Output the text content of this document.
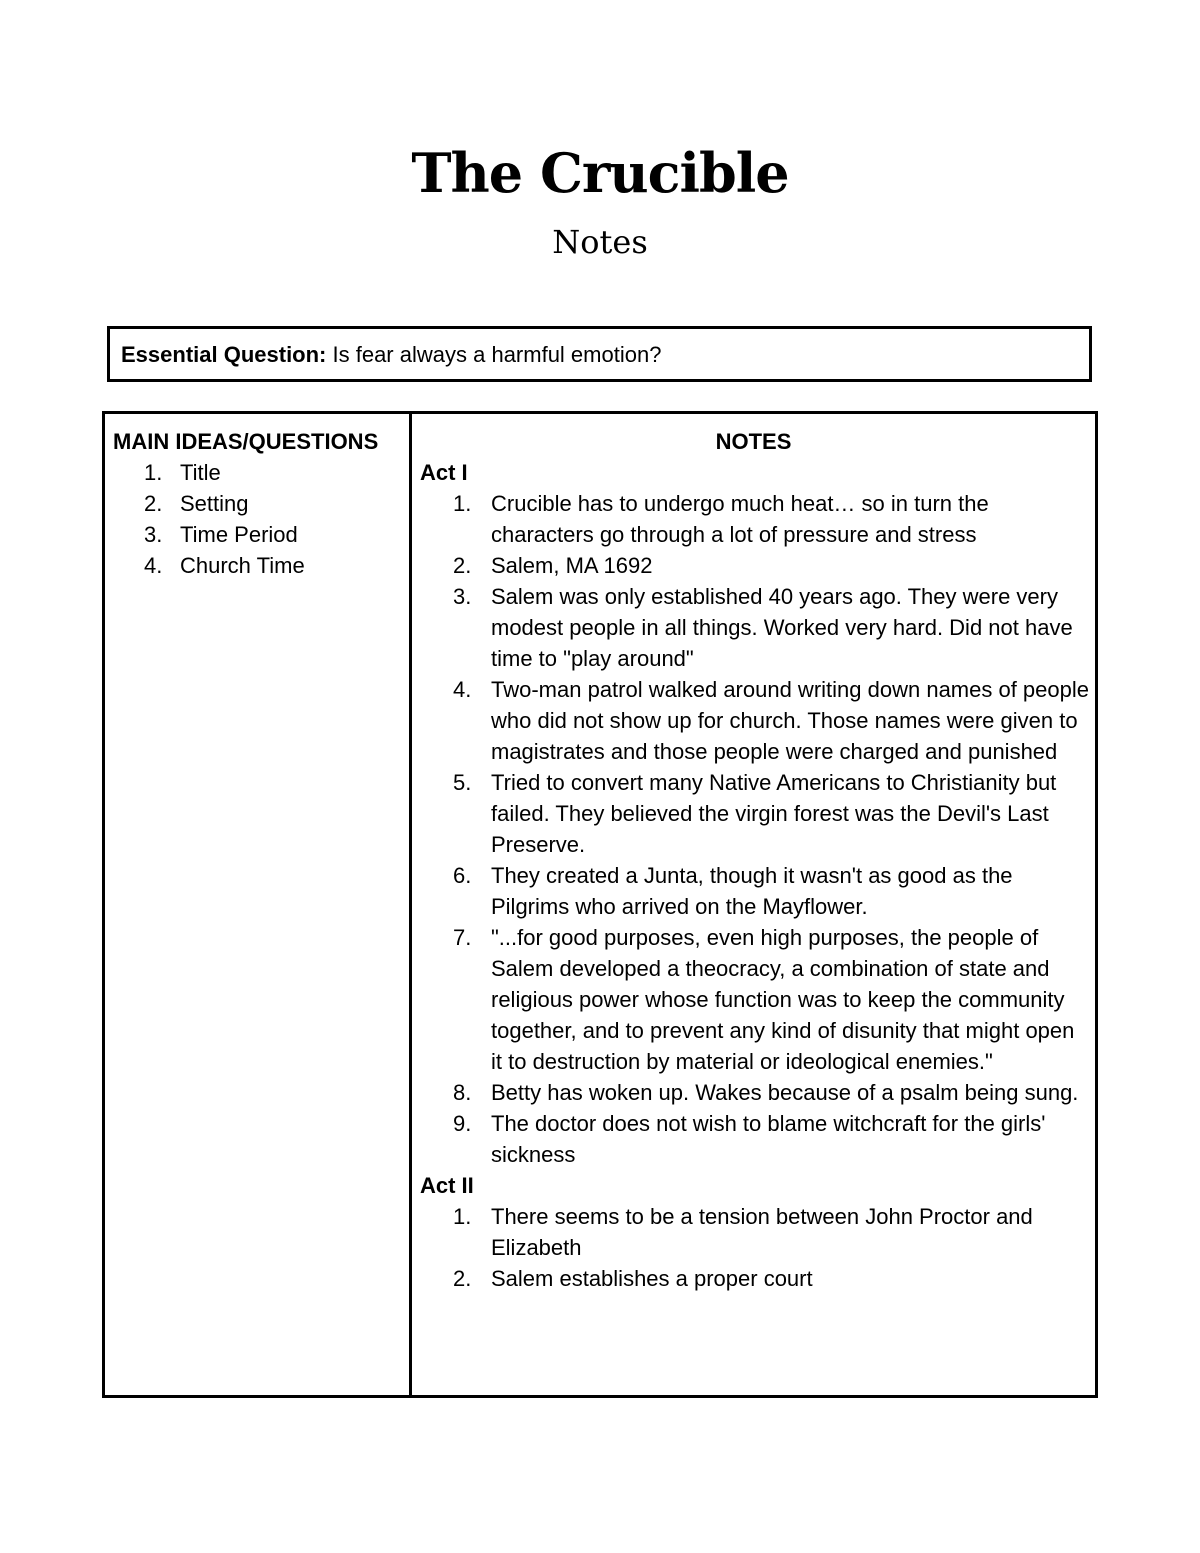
The Crucible
Notes
Essential Question: Is fear always a harmful emotion?
MAIN IDEAS/QUESTIONS
1. Title
2. Setting
3. Time Period
4. Church Time
NOTES
Act I
1. Crucible has to undergo much heat… so in turn the characters go through a lot of pressure and stress
2. Salem, MA 1692
3. Salem was only established 40 years ago. They were very modest people in all things. Worked very hard. Did not have time to "play around"
4. Two-man patrol walked around writing down names of people who did not show up for church. Those names were given to magistrates and those people were charged and punished
5. Tried to convert many Native Americans to Christianity but failed. They believed the virgin forest was the Devil's Last Preserve.
6. They created a Junta, though it wasn't as good as the Pilgrims who arrived on the Mayflower.
7. "...for good purposes, even high purposes, the people of Salem developed a theocracy, a combination of state and religious power whose function was to keep the community together, and to prevent any kind of disunity that might open it to destruction by material or ideological enemies."
8. Betty has woken up. Wakes because of a psalm being sung.
9. The doctor does not wish to blame witchcraft for the girls' sickness
Act II
1. There seems to be a tension between John Proctor and Elizabeth
2. Salem establishes a proper court
